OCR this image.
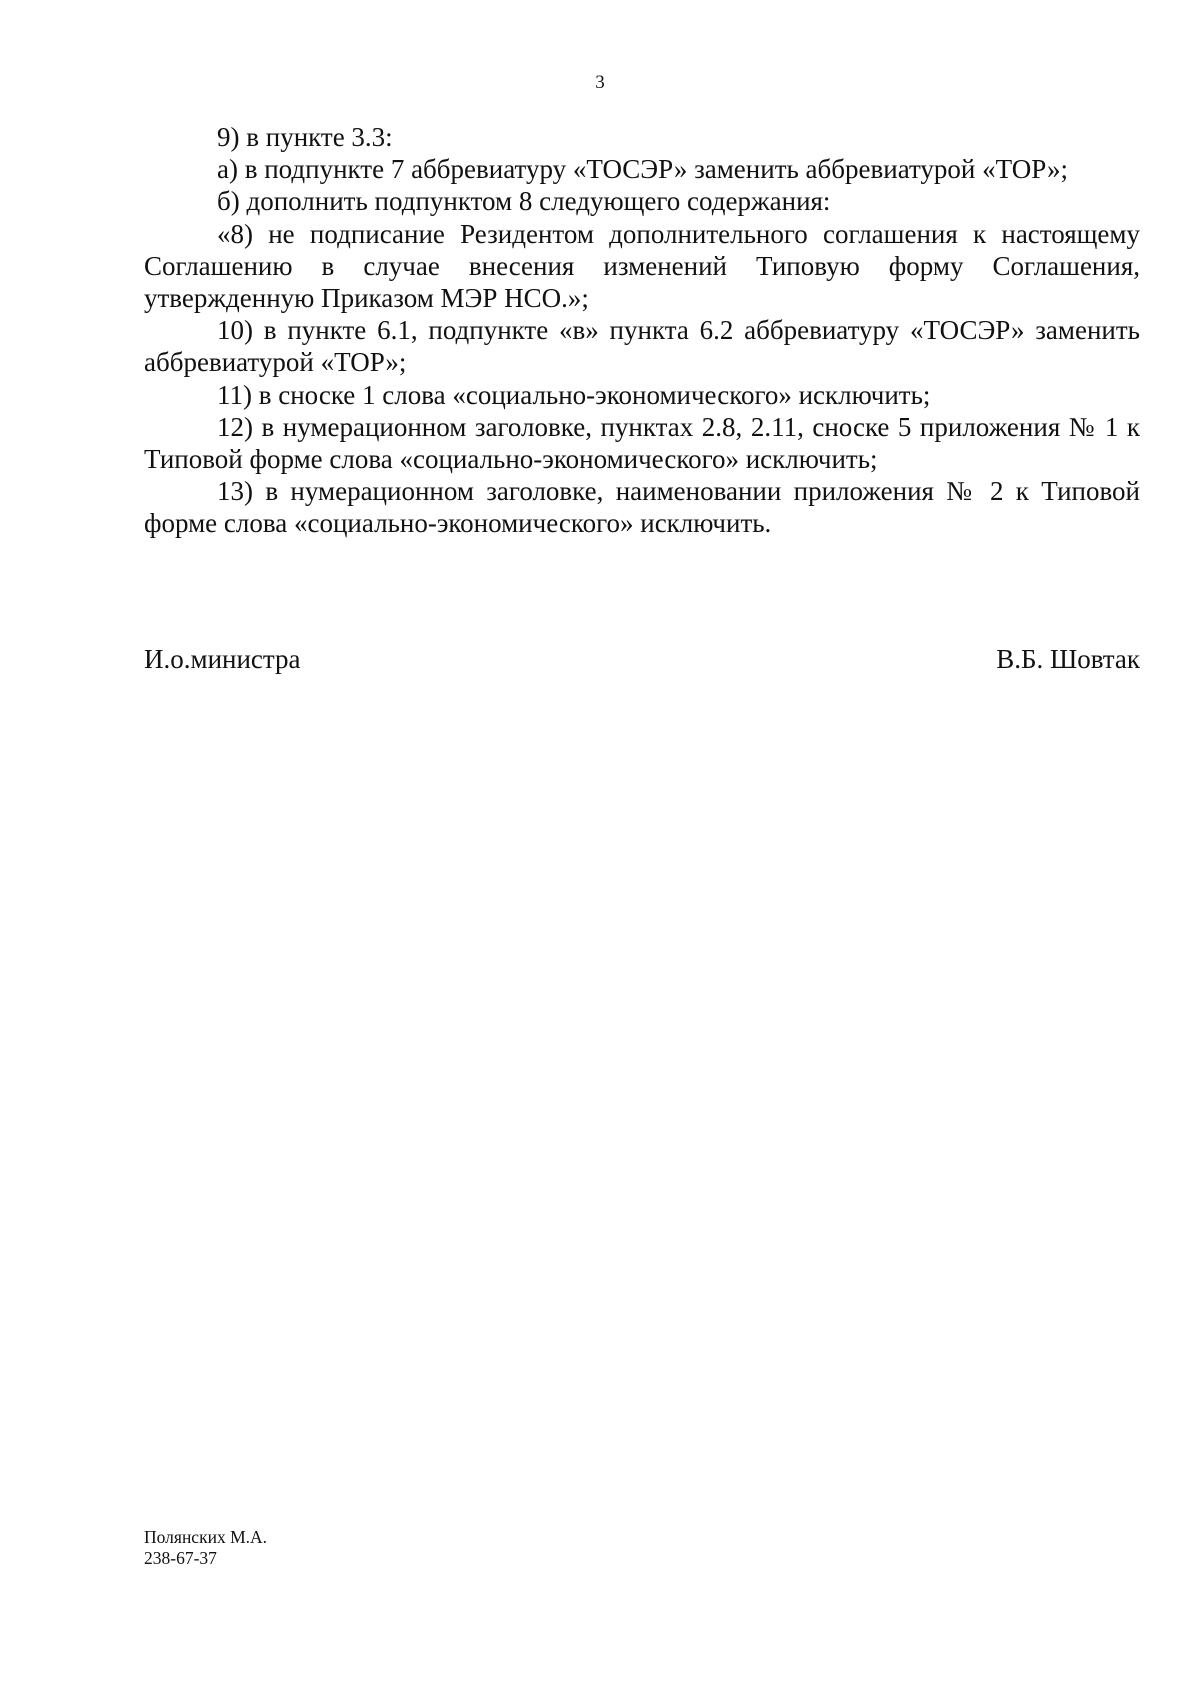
3

9) в пункте 3.3:

а) в подпункте 7 аббревиатуру «ТОСЭР» заменить аббревиатурой «ТОР»;

б) дополнить подпунктом 8 следующего содержания:

«8) не подписание Резидентом дополнительного соглашения к настоящему Соглашению в случае внесения изменений Типовую форму Соглашения, утвержденную Приказом МЭР НСО.»;

10) в пункте 6.1, подпункте «в» пункта 6.2 аббревиатуру «ТОСЭР» заменить аббревиатурой «ТОР»;

11) в сноске 1 слова «социально-экономического» исключить;

12) в нумерационном заголовке, пунктах 2.8, 2.11, сноске 5 приложения № 1 к Типовой форме слова «социально-экономического» исключить;

13) в нумерационном заголовке, наименовании приложения № 2 к Типовой форме слова «социально-экономического» исключить.

И.о.министра	В.Б. Шовтак
Полянских М.А.
238-67-37
